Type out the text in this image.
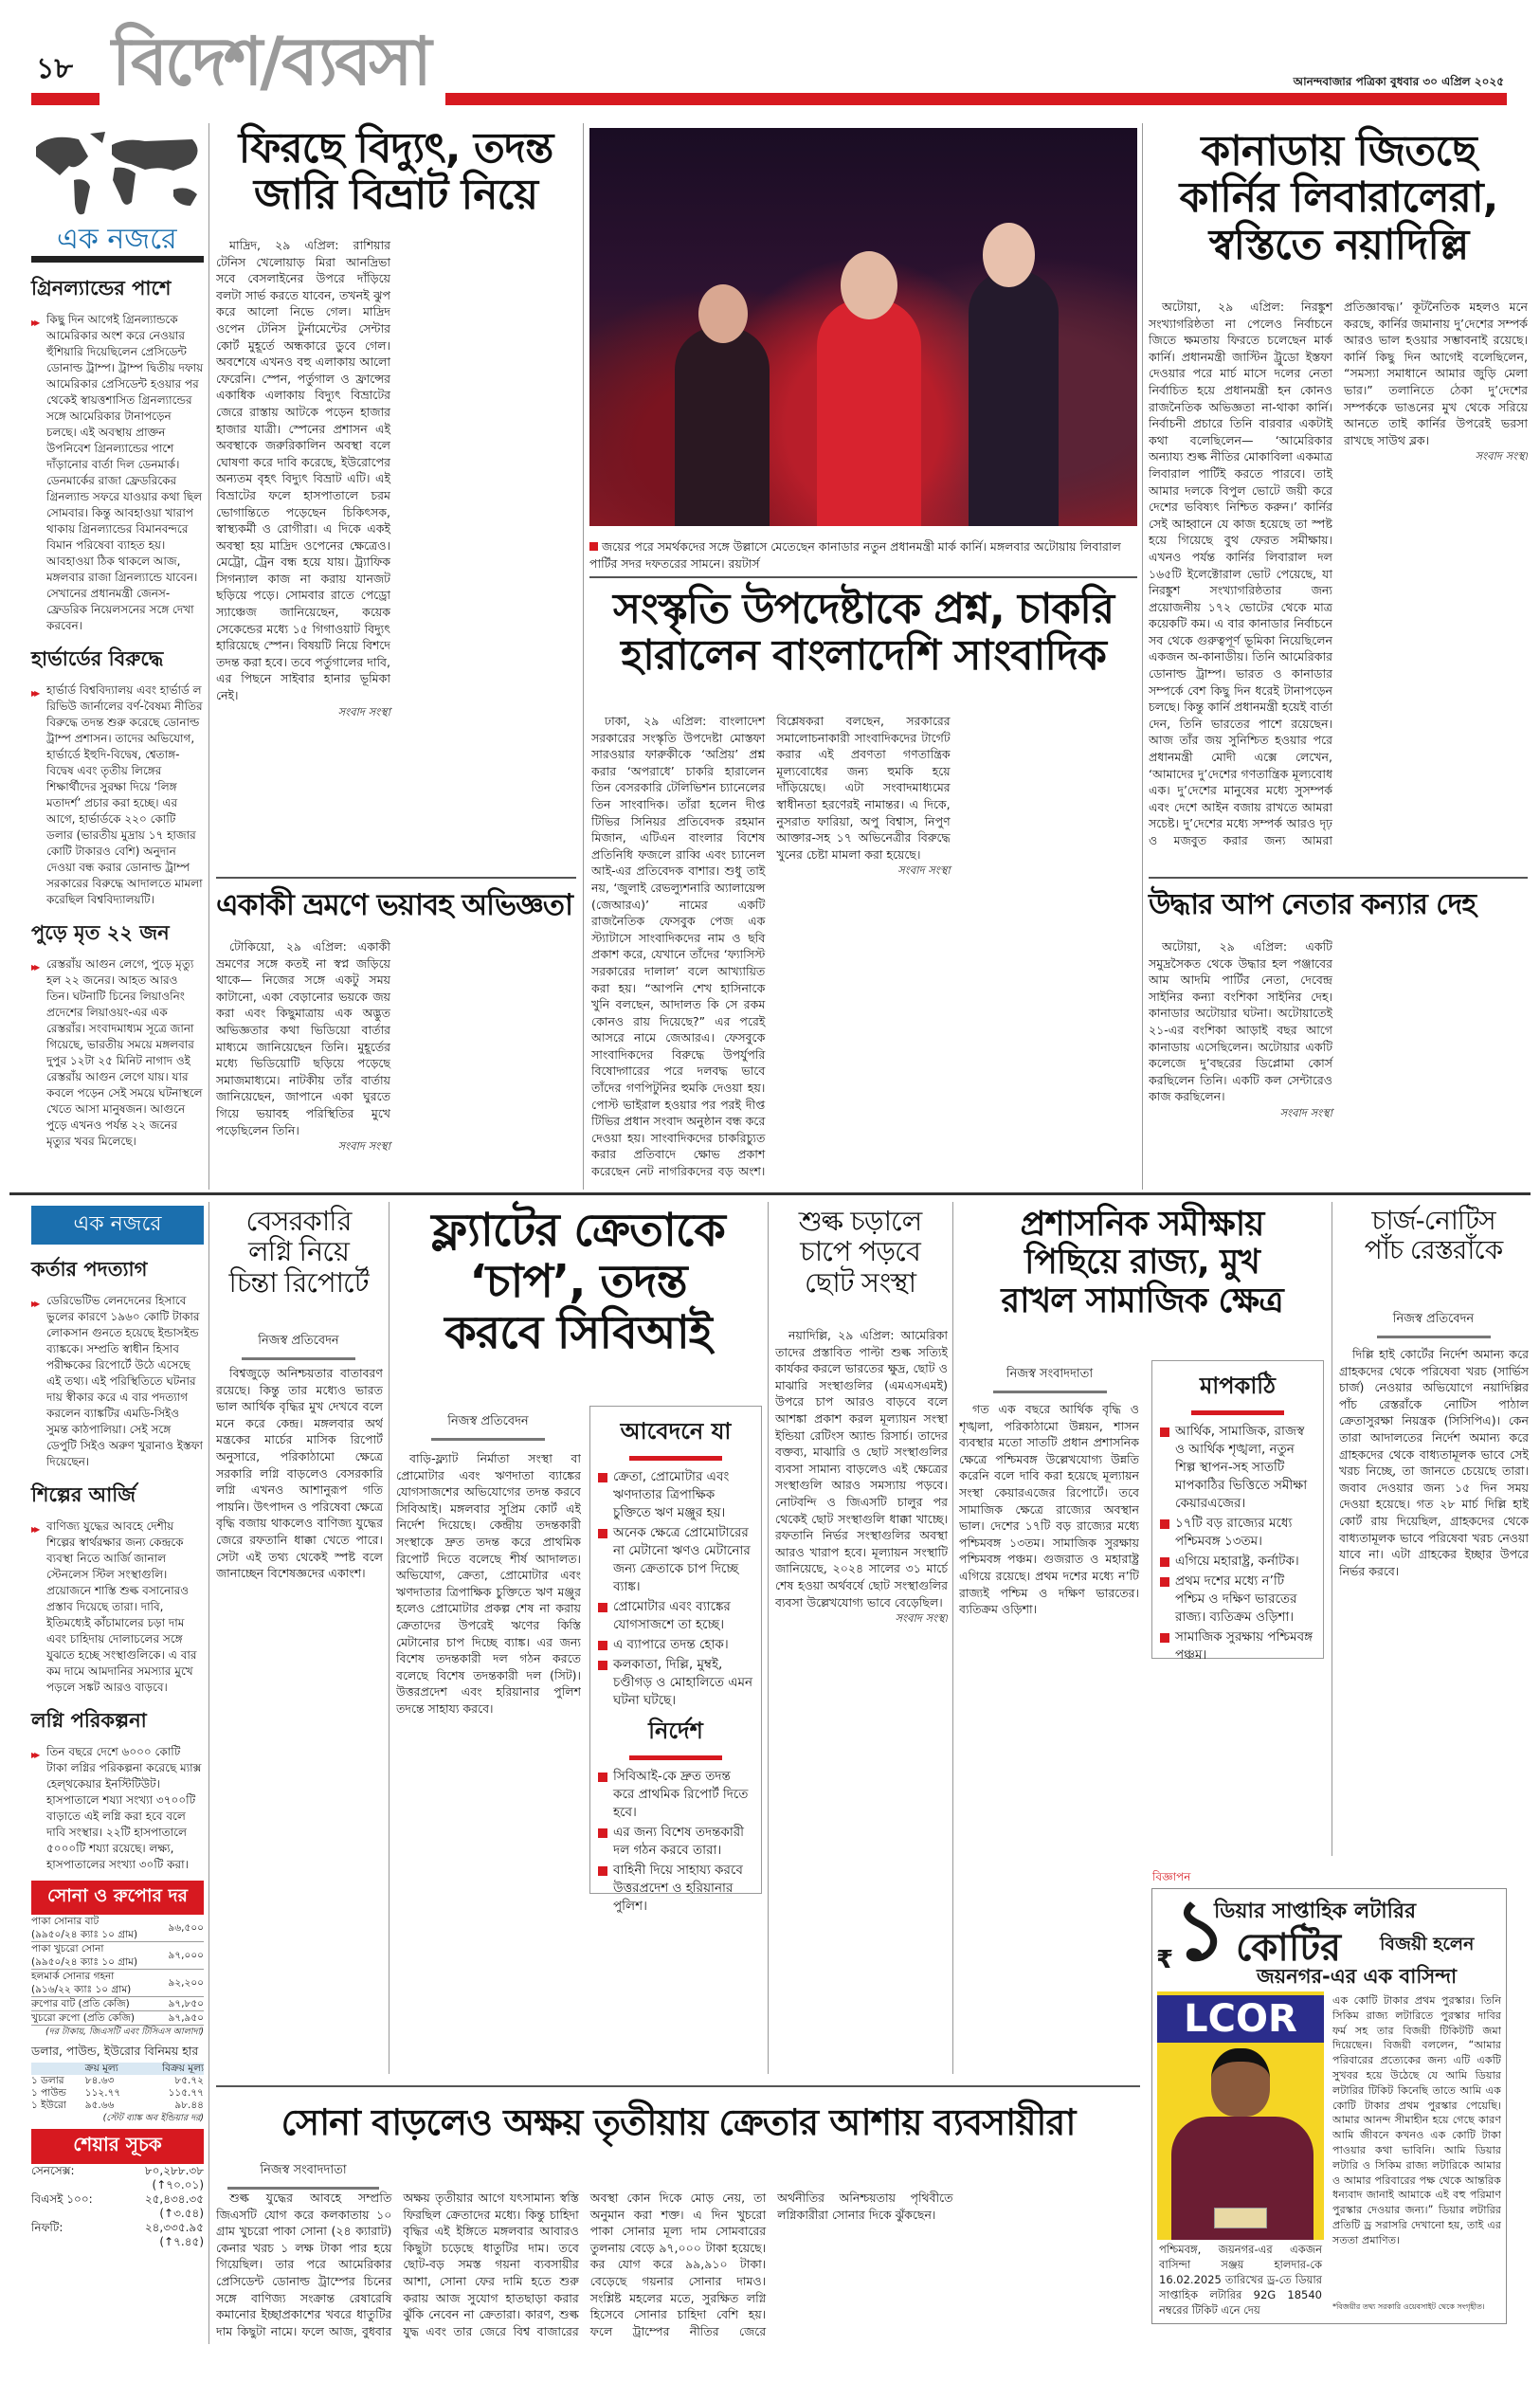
১৮ বিদেশ/ব্যবসা	আনন্দবাজার পত্রিকা বুধবার ৩০ এপ্রিল ২০২৫
এক নজরে
গ্রিনল্যান্ডের পাশে

▶▶ কিছু দিন আগেই গ্রিনল্যান্ডকে আমেরিকার অংশ করে নেওয়ার হুঁশিয়ারি দিয়েছিলেন প্রেসিডেন্ট ডোনাল্ড ট্রাম্প। ট্রাম্প দ্বিতীয় দফায় আমেরিকার প্রেসিডেন্ট হওয়ার পর থেকেই স্বায়ত্তশাসিত গ্রিনল্যান্ডের সঙ্গে আমেরিকার টানাপড়েন চলছে। এই অবস্থায় প্রাক্তন উপনিবেশ গ্রিনল্যান্ডের পাশে দাঁড়ানোর বার্তা দিল ডেনমার্ক। ডেনমার্কের রাজা ফ্রেডরিকের গ্রিনল্যান্ড সফরে যাওয়ার কথা ছিল সোমবার। কিন্তু আবহাওয়া খারাপ থাকায় গ্রিনল্যান্ডের বিমানবন্দরে বিমান পরিষেবা ব্যাহত হয়। আবহাওয়া ঠিক থাকলে আজ, মঙ্গলবার রাজা গ্রিনল্যান্ডে যাবেন। সেখানের প্রধানমন্ত্রী জেনস-ফ্রেডরিক নিয়েলসনের সঙ্গে দেখা করবেন।

হার্ভার্ডের বিরুদ্ধে

▶▶ হার্ভার্ড বিশ্ববিদ্যালয় এবং হার্ভার্ড ল রিভিউ জার্নালের বর্ণ-বৈষম্য নীতির বিরুদ্ধে তদন্ত শুরু করেছে ডোনাল্ড ট্রাম্প প্রশাসন। তাদের অভিযোগ, হার্ভার্ডে ইহুদি-বিদ্বেষ, শ্বেতাঙ্গ-বিদ্বেষ এবং তৃতীয় লিঙ্গের শিক্ষার্থীদের সুরক্ষা দিয়ে ‘লিঙ্গ মতাদর্শ’ প্রচার করা হচ্ছে। এর আগে, হার্ভার্ডকে ২২০ কোটি ডলার (ভারতীয় মুদ্রায় ১৭ হাজার কোটি টাকারও বেশি) অনুদান দেওয়া বন্ধ করার ডোনাল্ড ট্রাম্প সরকারের বিরুদ্ধে আদালতে মামলা করেছিল বিশ্ববিদ্যালয়টি।

পুড়ে মৃত ২২ জন

▶▶ রেস্তরাঁয় আগুন লেগে, পুড়ে মৃত্যু হল ২২ জনের। আহত আরও তিন। ঘটনাটি চিনের লিয়াওনিং প্রদেশের লিয়াওয়ং-এর এক রেস্তরাঁর। সংবাদমাধ্যম সূত্রে জানা গিয়েছে, ভারতীয় সময়ে মঙ্গলবার দুপুর ১২টা ২৫ মিনিট নাগাদ ওই রেস্তরাঁয় আগুন লেগে যায়। যার কবলে পড়েন সেই সময়ে ঘটনাস্থলে খেতে আসা মানুষজন। আগুনে পুড়ে এখনও পর্যন্ত ২২ জনের মৃত্যুর খবর মিলেছে।

ফিরছে বিদ্যুৎ, তদন্ত
জারি বিভ্রাট নিয়ে

মাদ্রিদ, ২৯ এপ্রিল: রাশিয়ার টেনিস খেলোয়াড় মিরা আনদ্রিভা সবে বেসলাইনের উপরে দাঁড়িয়ে বলটা সার্ভ করতে যাবেন, তখনই ঝুপ করে আলো নিভে গেল। মাদ্রিদ ওপেন টেনিস টুর্নামেন্টের সেন্টার কোর্ট মুহূর্তে অন্ধকারে ডুবে গেল। অবশেষে এখনও বহু এলাকায় আলো ফেরেনি। স্পেন, পর্তুগাল ও ফ্রান্সের একাধিক এলাকায় বিদ্যুৎ বিভ্রাটের জেরে রাস্তায় আটকে পড়েন হাজার হাজার যাত্রী। স্পেনের প্রশাসন এই অবস্থাকে জরুরিকালিন অবস্থা বলে ঘোষণা করে দাবি করেছে, ইউরোপের অন্যতম বৃহৎ বিদ্যুৎ বিভ্রাট এটি। এই বিভ্রাটের ফলে হাসপাতালে চরম ভোগান্তিতে পড়েছেন চিকিৎসক, স্বাস্থ্যকর্মী ও রোগীরা। এ দিকে একই অবস্থা হয় মাদ্রিদ ওপেনের ক্ষেত্রেও। মেট্রো, ট্রেন বন্ধ হয়ে যায়। ট্র্যাফিক সিগন্যাল কাজ না করায় যানজট ছড়িয়ে পড়ে। সোমবার রাতে পেড্রো স্যাঞ্চেজ জানিয়েছেন, কয়েক সেকেন্ডের মধ্যে ১৫ গিগাওয়াট বিদ্যুৎ হারিয়েছে স্পেন। বিষয়টি নিয়ে বিশদে তদন্ত করা হবে। তবে পর্তুগালের দাবি, এর পিছনে সাইবার হানার ভূমিকা নেই।

সংবাদ সংস্থা
একাকী ভ্রমণে ভয়াবহ অভিজ্ঞতা

টোকিয়ো, ২৯ এপ্রিল: একাকী ভ্রমণের সঙ্গে কতই না স্বপ্ন জড়িয়ে থাকে— নিজের সঙ্গে একটু সময় কাটানো, একা বেড়ানোর ভয়কে জয় করা এবং কিছুমাত্রায় এক অদ্ভুত অভিজ্ঞতার কথা ভিডিয়ো বার্তার মাধ্যমে জানিয়েছেন তিনি। মুহূর্তের মধ্যে ভিডিয়োটি ছড়িয়ে পড়েছে সমাজমাধ্যমে। নাটকীয় তাঁর বার্তায় জানিয়েছেন, জাপানে একা ঘুরতে গিয়ে ভয়াবহ পরিস্থিতির মুখে পড়েছিলেন তিনি।

সংবাদ সংস্থা
জয়ের পরে সমর্থকদের সঙ্গে উল্লাসে মেতেছেন কানাডার নতুন প্রধানমন্ত্রী মার্ক কার্নি। মঙ্গলবার অটোয়ায় লিবারাল পার্টির সদর দফতরের সামনে। রয়টার্স
সংস্কৃতি উপদেষ্টাকে প্রশ্ন, চাকরি
হারালেন বাংলাদেশি সাংবাদিক

ঢাকা, ২৯ এপ্রিল: বাংলাদেশ সরকারের সংস্কৃতি উপদেষ্টা মোস্তফা সারওয়ার ফারুকীকে ‘অপ্রিয়’ প্রশ্ন করার ‘অপরাধে’ চাকরি হারালেন তিন বেসরকারি টেলিভিশন চ্যানেলের তিন সাংবাদিক। তাঁরা হলেন দীপ্ত টিভির সিনিয়র প্রতিবেদক রহমান মিজান, এটিএন বাংলার বিশেষ প্রতিনিধি ফজলে রাব্বি এবং চ্যানেল আই-এর প্রতিবেদক বাশার। শুধু তাই নয়, ‘জুলাই রেভল্যুশনারি অ্যালায়েন্স (জেআরএ)’ নামের একটি রাজনৈতিক ফেসবুক পেজ এক স্ট্যাটাসে সাংবাদিকদের নাম ও ছবি প্রকাশ করে, যেখানে তাঁদের ‘ফ্যাসিস্ট সরকারের দালাল’ বলে আখ্যায়িত করা হয়। “আপনি শেখ হাসিনাকে খুনি বলছেন, আদালত কি সে রকম কোনও রায় দিয়েছে?” এর পরেই আসরে নামে জেআরএ। ফেসবুকে সাংবাদিকদের বিরুদ্ধে উপর্যুপরি বিষোদ্গারের পরে দলবদ্ধ ভাবে তাঁদের গণপিটুনির হুমকি দেওয়া হয়। পোস্ট ভাইরাল হওয়ার পর পরই দীপ্ত টিভির প্রধান সংবাদ অনুষ্ঠান বন্ধ করে দেওয়া হয়। সাংবাদিকদের চাকরিচ্যুত করার প্রতিবাদে ক্ষোভ প্রকাশ করেছেন নেট নাগরিকদের বড় অংশ। বিশ্লেষকরা বলছেন, সরকারের সমালোচনাকারী সাংবাদিকদের টার্গেট করার এই প্রবণতা গণতান্ত্রিক মূল্যবোধের জন্য হুমকি হয়ে দাঁড়িয়েছে। এটা সংবাদমাধ্যমের স্বাধীনতা হরণেরই নামান্তর। এ দিকে, নুসরাত ফারিয়া, অপু বিশ্বাস, নিপুণ আক্তার-সহ ১৭ অভিনেত্রীর বিরুদ্ধে খুনের চেষ্টা মামলা করা হয়েছে।

সংবাদ সংস্থা
কানাডায় জিতছে
কার্নির লিবারালেরা,
স্বস্তিতে নয়াদিল্লি

অটোয়া, ২৯ এপ্রিল: নিরঙ্কুশ সংখ্যাগরিষ্ঠতা না পেলেও নির্বাচনে জিতে ক্ষমতায় ফিরতে চলেছেন মার্ক কার্নি। প্রধানমন্ত্রী জাস্টিন ট্রুডো ইস্তফা দেওয়ার পরে মার্চ মাসে দলের নেতা নির্বাচিত হয়ে প্রধানমন্ত্রী হন কোনও রাজনৈতিক অভিজ্ঞতা না-থাকা কার্নি। নির্বাচনী প্রচারে তিনি বারবার একটাই কথা বলেছিলেন— ‘আমেরিকার অন্যায্য শুল্ক নীতির মোকাবিলা একমাত্র লিবারাল পার্টিই করতে পারবে। তাই আমার দলকে বিপুল ভোটে জয়ী করে দেশের ভবিষ্যৎ নিশ্চিত করুন।’ কার্নির সেই আহ্বানে যে কাজ হয়েছে তা স্পষ্ট হয়ে গিয়েছে বুথ ফেরত সমীক্ষায়। এখনও পর্যন্ত কার্নির লিবারাল দল ১৬৫টি ইলেক্টোরাল ভোট পেয়েছে, যা নিরঙ্কুশ সংখ্যাগরিষ্ঠতার জন্য প্রয়োজনীয় ১৭২ ভোটের থেকে মাত্র কয়েকটি কম। এ বার কানাডার নির্বাচনে সব থেকে গুরুত্বপূর্ণ ভূমিকা নিয়েছিলেন একজন অ-কানাডীয়। তিনি আমেরিকার ডোনাল্ড ট্রাম্প। ভারত ও কানাডার সম্পর্কে বেশ কিছু দিন ধরেই টানাপড়েন চলছে। কিন্তু কার্নি প্রধানমন্ত্রী হয়েই বার্তা দেন, তিনি ভারতের পাশে রয়েছেন। আজ তাঁর জয় সুনিশ্চিত হওয়ার পরে প্রধানমন্ত্রী মোদী এক্সে লেখেন, ‘আমাদের দু’দেশের গণতান্ত্রিক মূল্যবোধ এক। দু’দেশের মানুষের মধ্যে সুসম্পর্ক এবং দেশে আইন বজায় রাখতে আমরা সচেষ্ট। দু’দেশের মধ্যে সম্পর্ক আরও দৃঢ় ও মজবুত করার জন্য আমরা প্রতিজ্ঞাবদ্ধ।’ কূটনৈতিক মহলও মনে করছে, কার্নির জমানায় দু’দেশের সম্পর্ক আরও ভাল হওয়ার সম্ভাবনাই রয়েছে। কার্নি কিছু দিন আগেই বলেছিলেন, “সমস্যা সমাধানে আমার জুড়ি মেলা ভার।” তলানিতে ঠেকা দু’দেশের সম্পর্ককে ভাঙনের মুখ থেকে সরিয়ে আনতে তাই কার্নির উপরেই ভরসা রাখছে সাউথ ব্লক।

সংবাদ সংস্থা
উদ্ধার আপ নেতার কন্যার দেহ

অটোয়া, ২৯ এপ্রিল: একটি সমুদ্রসৈকত থেকে উদ্ধার হল পঞ্জাবের আম আদমি পার্টির নেতা, দেবেন্দ্র সাইনির কন্যা বংশিকা সাইনির দেহ। কানাডার অটোয়ার ঘটনা। অটোয়াতেই ২১-এর বংশিকা আড়াই বছর আগে কানাডায় এসেছিলেন। অটোয়ার একটি কলেজে দু’বছরের ডিপ্লোমা কোর্স করছিলেন তিনি। একটি কল সেন্টারেও কাজ করছিলেন।

সংবাদ সংস্থা
এক নজরে
কর্তার পদত্যাগ

▶▶ ডেরিভেটিভ লেনদেনের হিসাবে ভুলের কারণে ১৯৬০ কোটি টাকার লোকসান গুনতে হয়েছে ইন্ডাসইন্ড ব্যাঙ্ককে। সম্প্রতি স্বাধীন হিসাব পরীক্ষকের রিপোর্টে উঠে এসেছে এই তথ্য। এই পরিস্থিতিতে ঘটনার দায় স্বীকার করে এ বার পদত্যাগ করলেন ব্যাঙ্কটির এমডি-সিইও সুমন্ত কাঠপালিয়া। সেই সঙ্গে ডেপুটি সিইও অরুণ খুরানাও ইস্তফা দিয়েছেন।

শিল্পের আর্জি

▶▶ বাণিজ্য যুদ্ধের আবহে দেশীয় শিল্পের স্বার্থরক্ষার জন্য কেন্দ্রকে ব্যবস্থা নিতে আর্জি জানাল স্টেনলেস স্টিল সংস্থাগুলি। প্রয়োজনে শাস্তি শুল্ক বসানোরও প্রস্তাব দিয়েছে তারা। দাবি, ইতিমধ্যেই কাঁচামালের চড়া দাম এবং চাহিদায় দোলাচলের সঙ্গে যুঝতে হচ্ছে সংস্থাগুলিকে। এ বার কম দামে আমদানির সমস্যার মুখে পড়লে সঙ্কট আরও বাড়বে।

লগ্নি পরিকল্পনা

▶▶ তিন বছরে দেশে ৬০০০ কোটি টাকা লগ্নির পরিকল্পনা করেছে ম্যাক্স হেল্‌থকেয়ার ইনস্টিটিউট। হাসপাতালে শয্যা সংখ্যা ৩৭০০টি বাড়াতে এই লগ্নি করা হবে বলে দাবি সংস্থার। ২২টি হাসপাতালে ৫০০০টি শয্যা রয়েছে। লক্ষ্য, হাসপাতালের সংখ্যা ৩০টি করা।

সোনা ও রুপোর দর
পাকা সোনার বাট
(৯৯৫০/২৪ ক্যাঃ ১০ গ্রাম)	৯৬,৫০০
পাকা খুচরো সোনা
(৯৯৫০/২৪ ক্যাঃ ১০ গ্রাম)	৯৭,০০০
হলমার্ক সোনার গহনা
(৯১৬/২২ ক্যাঃ ১০ গ্রাম)	৯২,২০০
রুপোর বাট (প্রতি কেজি)	৯৭,৮৫০
খুচরো রুপো (প্রতি কেজি)	৯৭,৯৫০
(দর টাকায়, জিএসটি এবং টিসিএস আলাদা)
ডলার, পাউন্ড, ইউরোর বিনিময় হার
	ক্রয় মূল্য	বিক্রয় মূল্য
১ ডলার	৮৪.৬৩	৮৫.৭২
১ পাউন্ড	১১২.৭৭	১১৫.৭৭
১ ইউরো	৯৫.৬৬	৯৮.৪৪
(স্টেট ব্যাঙ্ক অব ইন্ডিয়ার দর)
শেয়ার সূচক
সেনসেক্স:	৮০,২৮৮.৩৮
(↑৭০.০১)
বিএসই ১০০:	২৫,৪৩৪.৩৫
(↑৩.৫৪)
নিফটি:	২৪,৩৩৫.৯৫
(↑৭.৪৫)
বেসরকারি
লগ্নি নিয়ে
চিন্তা রিপোর্টে
নিজস্ব প্রতিবেদন

বিশ্বজুড়ে অনিশ্চয়তার বাতাবরণ রয়েছে। কিন্তু তার মধ্যেও ভারত ভাল আর্থিক বৃদ্ধির মুখ দেখবে বলে মনে করে কেন্দ্র। মঙ্গলবার অর্থ মন্ত্রকের মার্চের মাসিক রিপোর্ট অনুসারে, পরিকাঠামো ক্ষেত্রে সরকারি লগ্নি বাড়লেও বেসরকারি লগ্নি এখনও আশানুরূপ গতি পায়নি। উৎপাদন ও পরিষেবা ক্ষেত্রে বৃদ্ধি বজায় থাকলেও বাণিজ্য যুদ্ধের জেরে রফতানি ধাক্কা খেতে পারে। সেটা এই তথ্য থেকেই স্পষ্ট বলে জানাচ্ছেন বিশেষজ্ঞদের একাংশ।

ফ্ল্যাটের ক্রেতাকে
‘চাপ’, তদন্ত
করবে সিবিআই
নিজস্ব প্রতিবেদন

বাড়ি-ফ্ল্যাট নির্মাতা সংস্থা বা প্রোমোটার এবং ঋণদাতা ব্যাঙ্কের যোগসাজশের অভিযোগের তদন্ত করবে সিবিআই। মঙ্গলবার সুপ্রিম কোর্ট এই নির্দেশ দিয়েছে। কেন্দ্রীয় তদন্তকারী সংস্থাকে দ্রুত তদন্ত করে প্রাথমিক রিপোর্ট দিতে বলেছে শীর্ষ আদালত। অভিযোগ, ক্রেতা, প্রোমোটার এবং ঋণদাতার ত্রিপাক্ষিক চুক্তিতে ঋণ মঞ্জুর হলেও প্রোমোটার প্রকল্প শেষ না করায় ক্রেতাদের উপরেই ঋণের কিস্তি মেটানোর চাপ দিচ্ছে ব্যাঙ্ক। এর জন্য বিশেষ তদন্তকারী দল গঠন করতে বলেছে বিশেষ তদন্তকারী দল (সিট)। উত্তরপ্রদেশ এবং হরিয়ানার পুলিশ তদন্তে সাহায্য করবে।

আবেদনে যা
ক্রেতা, প্রোমোটার এবং ঋণদাতার ত্রিপাক্ষিক চুক্তিতে ঋণ মঞ্জুর হয়।
অনেক ক্ষেত্রে প্রোমোটারের না মেটানো ঋণও মেটানোর জন্য ক্রেতাকে চাপ দিচ্ছে ব্যাঙ্ক।
প্রোমোটার এবং ব্যাঙ্কের যোগসাজশে তা হচ্ছে।
এ ব্যাপারে তদন্ত হোক।
কলকাতা, দিল্লি, মুম্বই, চণ্ডীগড় ও মোহালিতে এমন ঘটনা ঘটছে।
নির্দেশ
সিবিআই-কে দ্রুত তদন্ত করে প্রাথমিক রিপোর্ট দিতে হবে।
এর জন্য বিশেষ তদন্তকারী দল গঠন করবে তারা।
বাহিনী দিয়ে সাহায্য করবে উত্তরপ্রদেশ ও হরিয়ানার পুলিশ।
শুল্ক চড়ালে
চাপে পড়বে
ছোট সংস্থা

নয়াদিল্লি, ২৯ এপ্রিল: আমেরিকা তাদের প্রস্তাবিত পাল্টা শুল্ক সত্যিই কার্যকর করলে ভারতের ক্ষুদ্র, ছোট ও মাঝারি সংস্থাগুলির (এমএসএমই) উপরে চাপ আরও বাড়বে বলে আশঙ্কা প্রকাশ করল মূল্যায়ন সংস্থা ইন্ডিয়া রেটিংস অ্যান্ড রিসার্চ। তাদের বক্তব্য, মাঝারি ও ছোট সংস্থাগুলির ব্যবসা সামান্য বাড়লেও এই ক্ষেত্রের সংস্থাগুলি আরও সমস্যায় পড়বে। নোটবন্দি ও জিএসটি চালুর পর থেকেই ছোট সংস্থাগুলি ধাক্কা খাচ্ছে। রফতানি নির্ভর সংস্থাগুলির অবস্থা আরও খারাপ হবে। মূল্যায়ন সংস্থাটি জানিয়েছে, ২০২৪ সালের ৩১ মার্চে শেষ হওয়া অর্থবর্ষে ছোট সংস্থাগুলির ব্যবসা উল্লেখযোগ্য ভাবে বেড়েছিল।

সংবাদ সংস্থা
প্রশাসনিক সমীক্ষায়
পিছিয়ে রাজ্য, মুখ
রাখল সামাজিক ক্ষেত্র
নিজস্ব সংবাদদাতা

গত এক বছরে আর্থিক বৃদ্ধি ও শৃঙ্খলা, পরিকাঠামো উন্নয়ন, শাসন ব্যবস্থার মতো সাতটি প্রধান প্রশাসনিক ক্ষেত্রে পশ্চিমবঙ্গ উল্লেখযোগ্য উন্নতি করেনি বলে দাবি করা হয়েছে মূল্যায়ন সংস্থা কেয়ারএজের রিপোর্টে। তবে সামাজিক ক্ষেত্রে রাজ্যের অবস্থান ভাল। দেশের ১৭টি বড় রাজ্যের মধ্যে পশ্চিমবঙ্গ ১৩তম। সামাজিক সুরক্ষায় পশ্চিমবঙ্গ পঞ্চম। গুজরাত ও মহারাষ্ট্র এগিয়ে রয়েছে। প্রথম দশের মধ্যে ন’টি রাজ্যই পশ্চিম ও দক্ষিণ ভারতের। ব্যতিক্রম ওড়িশা।

মাপকাঠি
আর্থিক, সামাজিক, রাজস্ব ও আর্থিক শৃঙ্খলা, নতুন শিল্প স্থাপন-সহ সাতটি মাপকাঠির ভিত্তিতে সমীক্ষা কেয়ারএজের।
১৭টি বড় রাজ্যের মধ্যে পশ্চিমবঙ্গ ১৩তম।
এগিয়ে মহারাষ্ট্র, কর্নাটক।
প্রথম দশের মধ্যে ন’টি পশ্চিম ও দক্ষিণ ভারতের রাজ্য। ব্যতিক্রম ওড়িশা।
সামাজিক সুরক্ষায় পশ্চিমবঙ্গ পঞ্চম।
চার্জ-নোটিস
পাঁচ রেস্তরাঁকে
নিজস্ব প্রতিবেদন

দিল্লি হাই কোর্টের নির্দেশ অমান্য করে গ্রাহকদের থেকে পরিষেবা খরচ (সার্ভিস চার্জ) নেওয়ার অভিযোগে নয়াদিল্লির পাঁচ রেস্তরাঁকে নোটিস পাঠাল ক্রেতাসুরক্ষা নিয়ন্ত্রক (সিসিপিএ)। কেন তারা আদালতের নির্দেশ অমান্য করে গ্রাহকদের থেকে বাধ্যতামূলক ভাবে সেই খরচ নিচ্ছে, তা জানতে চেয়েছে তারা। জবাব দেওয়ার জন্য ১৫ দিন সময় দেওয়া হয়েছে। গত ২৮ মার্চ দিল্লি হাই কোর্ট রায় দিয়েছিল, গ্রাহকদের থেকে বাধ্যতামূলক ভাবে পরিষেবা খরচ নেওয়া যাবে না। এটা গ্রাহকের ইচ্ছার উপরে নির্ভর করবে।

সোনা বাড়লেও অক্ষয় তৃতীয়ায় ক্রেতার আশায় ব্যবসায়ীরা
নিজস্ব সংবাদদাতা

শুল্ক যুদ্ধের আবহে সম্প্রতি জিএসটি যোগ করে কলকাতায় ১০ গ্রাম খুচরো পাকা সোনা (২৪ ক্যারাট) কেনার খরচ ১ লক্ষ টাকা পার হয়ে গিয়েছিল। তার পরে আমেরিকার প্রেসিডেন্ট ডোনাল্ড ট্রাম্পের চিনের সঙ্গে বাণিজ্য সংক্রান্ত রেষারেষি কমানোর ইচ্ছাপ্রকাশের খবরে ধাতুটির দাম কিছুটা নামে। ফলে আজ, বুধবার অক্ষয় তৃতীয়ার আগে যৎসামান্য স্বস্তি ফিরছিল ক্রেতাদের মধ্যে। কিন্তু চাহিদা বৃদ্ধির এই ইঙ্গিতে মঙ্গলবার আবারও কিছুটা চড়েছে ধাতুটির দাম। তবে ছোট-বড় সমস্ত গয়না ব্যবসায়ীর আশা, সোনা ফের দামি হতে শুরু করায় আজ সুযোগ হাতছাড়া করার ঝুঁকি নেবেন না ক্রেতারা। কারণ, শুল্ক যুদ্ধ এবং তার জেরে বিশ্ব বাজারের অবস্থা কোন দিকে মোড় নেয়, তা অনুমান করা শক্ত। এ দিন খুচরো পাকা সোনার মূল্য দাম সোমবারের তুলনায় বেড়ে ৯৭,০০০ টাকা হয়েছে। কর যোগ করে ৯৯,৯১০ টাকা। বেড়েছে গয়নার সোনার দামও। সংশ্লিষ্ট মহলের মতে, সুরক্ষিত লগ্নি হিসেবে সোনার চাহিদা বেশি হয়। ফলে ট্রাম্পের নীতির জেরে অর্থনীতির অনিশ্চয়তায় পৃথিবীতে লগ্নিকারীরা সোনার দিকে ঝুঁকছেন।

বিজ্ঞাপন
ডিয়ার সাপ্তাহিক লটারির
₹ ১ কোটির বিজয়ী হলেন
জয়নগর-এর এক বাসিন্দা
LCOR
পশ্চিমবঙ্গ, জয়নগর-এর একজন বাসিন্দা সঞ্জয় হালদার-কে 16.02.2025 তারিখের ড্র-তে ডিয়ার সাপ্তাহিক লটারির 92G 18540 নম্বরের টিকিট এনে দেয়
এক কোটি টাকার প্রথম পুরস্কার। তিনি সিকিম রাজ্য লটারিতে পুরস্কার দাবির ফর্ম সহ তার বিজয়ী টিকিটটি জমা দিয়েছেন। বিজয়ী বললেন, “আমার পরিবারের প্রত্যেকের জন্য এটি একটি সুখবর হয়ে উঠেছে যে আমি ডিয়ার লটারির টিকিট কিনেছি তাতে আমি এক কোটি টাকার প্রথম পুরস্কার পেয়েছি। আমার আনন্দ সীমাহীন হয়ে গেছে কারণ আমি জীবনে কখনও এক কোটি টাকা পাওয়ার কথা ভাবিনি। আমি ডিয়ার লটারি ও সিকিম রাজ্য লটারিকে আমার ও আমার পরিবারের পক্ষ থেকে আন্তরিক ধন্যবাদ জানাই আমাকে এই বহু পরিমাণ পুরস্কার দেওয়ার জন্য।” ডিয়ার লটারির প্রতিটি ড্র সরাসরি দেখানো হয়, তাই এর সততা প্রমাণিত।
*বিজয়ীর তথ্য সরকারি ওয়েবসাইট থেকে সংগৃহীত।
